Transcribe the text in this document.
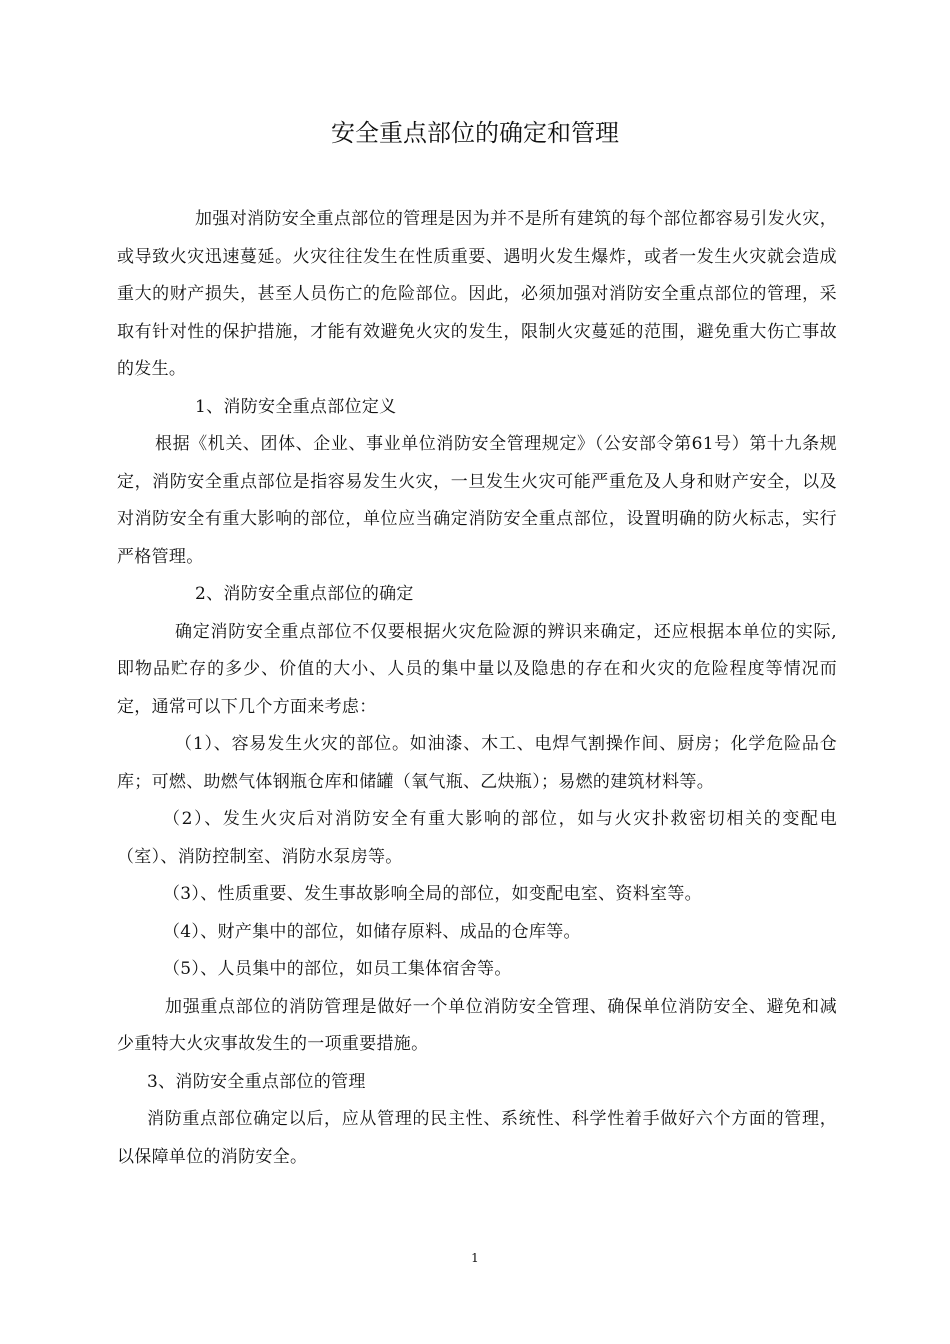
安全重点部位的确定和管理

加强对消防安全重点部位的管理是因为并不是所有建筑的每个部位都容易引发火灾，或导致火灾迅速蔓延。火灾往往发生在性质重要、遇明火发生爆炸，或者一发生火灾就会造成重大的财产损失，甚至人员伤亡的危险部位。因此，必须加强对消防安全重点部位的管理，采取有针对性的保护措施，才能有效避免火灾的发生，限制火灾蔓延的范围，避免重大伤亡事故的发生。

1、消防安全重点部位定义

根据《机关、团体、企业、事业单位消防安全管理规定》（公安部令第61号）第十九条规定，消防安全重点部位是指容易发生火灾，一旦发生火灾可能严重危及人身和财产安全，以及对消防安全有重大影响的部位，单位应当确定消防安全重点部位，设置明确的防火标志，实行严格管理。

2、消防安全重点部位的确定

确定消防安全重点部位不仅要根据火灾危险源的辨识来确定，还应根据本单位的实际,即物品贮存的多少、价值的大小、人员的集中量以及隐患的存在和火灾的危险程度等情况而定，通常可以下几个方面来考虑：

（1）、容易发生火灾的部位。如油漆、木工、电焊气割操作间、厨房；化学危险品仓库；可燃、助燃气体钢瓶仓库和储罐（氧气瓶、乙炔瓶）；易燃的建筑材料等。

（2）、发生火灾后对消防安全有重大影响的部位，如与火灾扑救密切相关的变配电（室）、消防控制室、消防水泵房等。

（3）、性质重要、发生事故影响全局的部位，如变配电室、资料室等。

（4）、财产集中的部位，如储存原料、成品的仓库等。

（5）、人员集中的部位，如员工集体宿舍等。

加强重点部位的消防管理是做好一个单位消防安全管理、确保单位消防安全、避免和减少重特大火灾事故发生的一项重要措施。

3、消防安全重点部位的管理

消防重点部位确定以后，应从管理的民主性、系统性、科学性着手做好六个方面的管理，以保障单位的消防安全。

1
